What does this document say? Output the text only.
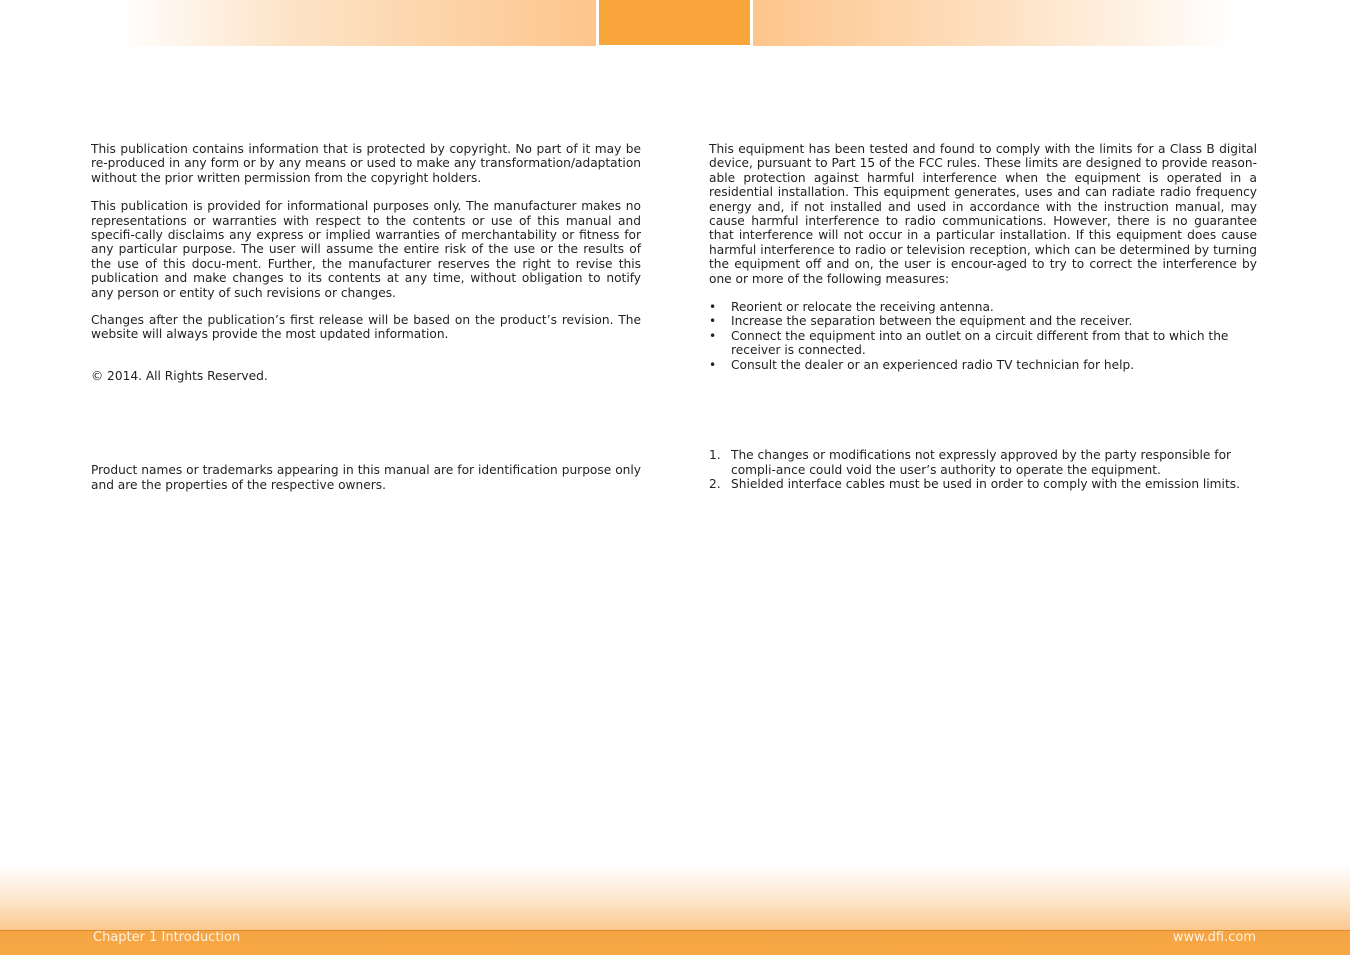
This publication contains information that is protected by copyright. No part of it may be re-produced in any form or by any means or used to make any transformation/adaptation without the prior written permission from the copyright holders.

This publication is provided for informational purposes only. The manufacturer makes no representations or warranties with respect to the contents or use of this manual and specifi-cally disclaims any express or implied warranties of merchantability or fitness for any particular purpose. The user will assume the entire risk of the use or the results of the use of this docu-ment. Further, the manufacturer reserves the right to revise this publication and make changes to its contents at any time, without obligation to notify any person or entity of such revisions or changes.

Changes after the publication’s first release will be based on the product’s revision. The website will always provide the most updated information.

© 2014. All Rights Reserved.

Product names or trademarks appearing in this manual are for identification purpose only and are the properties of the respective owners.

This equipment has been tested and found to comply with the limits for a Class B digital device, pursuant to Part 15 of the FCC rules. These limits are designed to provide reason-able protection against harmful interference when the equipment is operated in a residential installation. This equipment generates, uses and can radiate radio frequency energy and, if not installed and used in accordance with the instruction manual, may cause harmful interference to radio communications. However, there is no guarantee that interference will not occur in a particular installation. If this equipment does cause harmful interference to radio or television reception, which can be determined by turning the equipment off and on, the user is encour-aged to try to correct the interference by one or more of the following measures:

• Reorient or relocate the receiving antenna.
• Increase the separation between the equipment and the receiver.
• Connect the equipment into an outlet on a circuit different from that to which the receiver is connected.
• Consult the dealer or an experienced radio TV technician for help.
1. The changes or modifications not expressly approved by the party responsible for compli-ance could void the user’s authority to operate the equipment.
2. Shielded interface cables must be used in order to comply with the emission limits.
Chapter 1 Introduction	www.dfi.com
